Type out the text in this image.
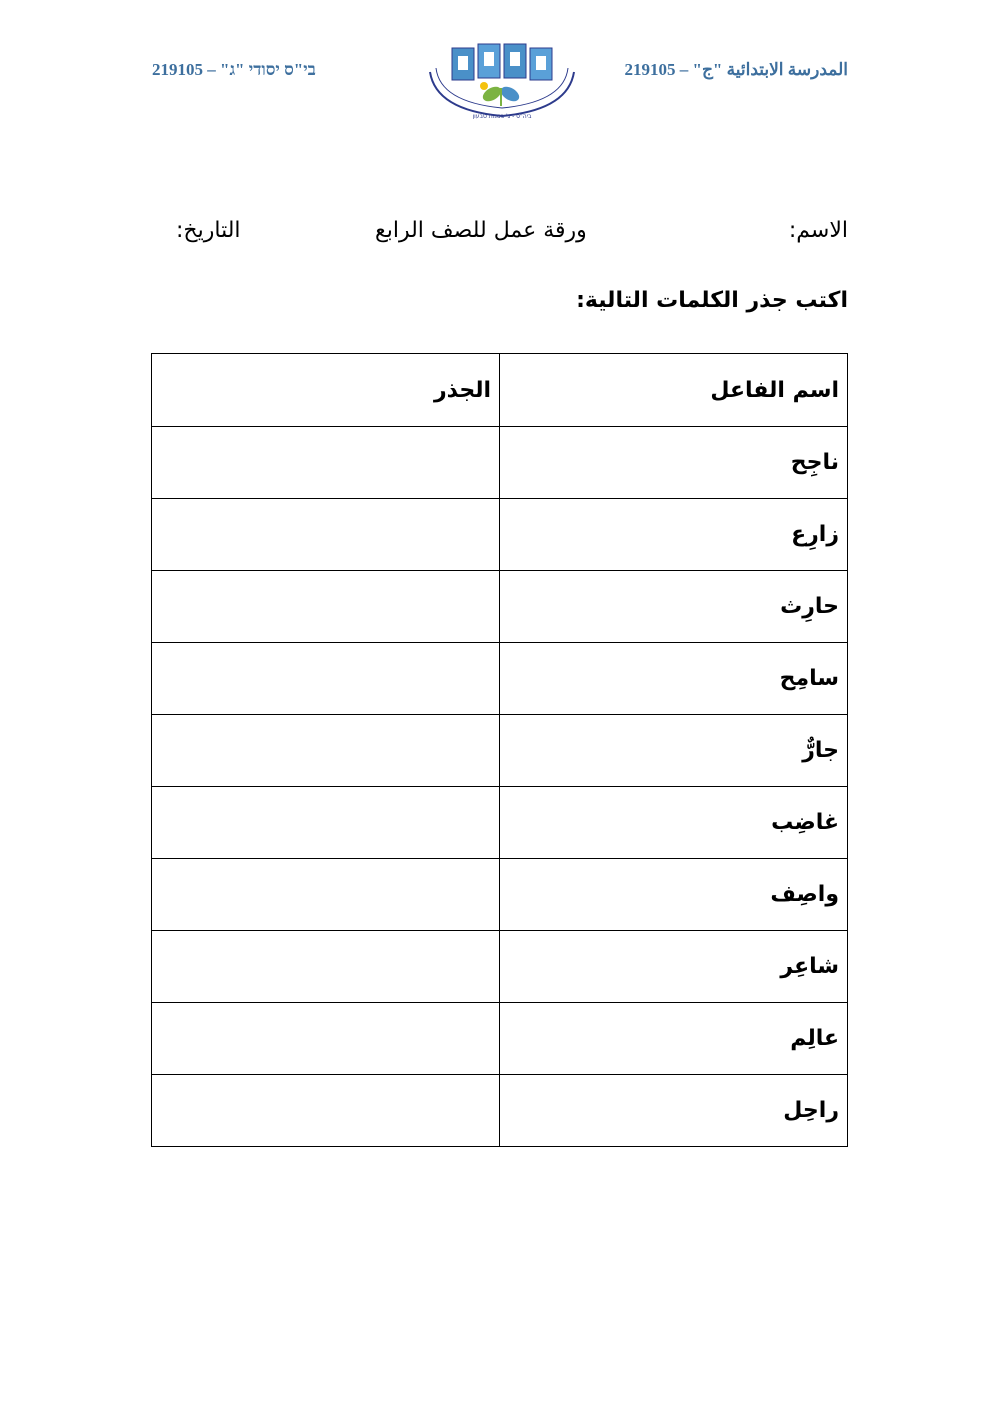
בי"ס יסודי "ג" – 219105
ביה"ס - ג' בסמת טבעון
المدرسة الابتدائية "ج" – 219105
الاسم:
ورقة عمل للصف الرابع
التاريخ:
اكتب جذر الكلمات التالية:
اسم الفاعل	الجذر
ناجِح	
زارِع	
حارِث	
سامِح	
جارٌّ	
غاضِب	
واصِف	
شاعِر	
عالِم	
راحِل	
